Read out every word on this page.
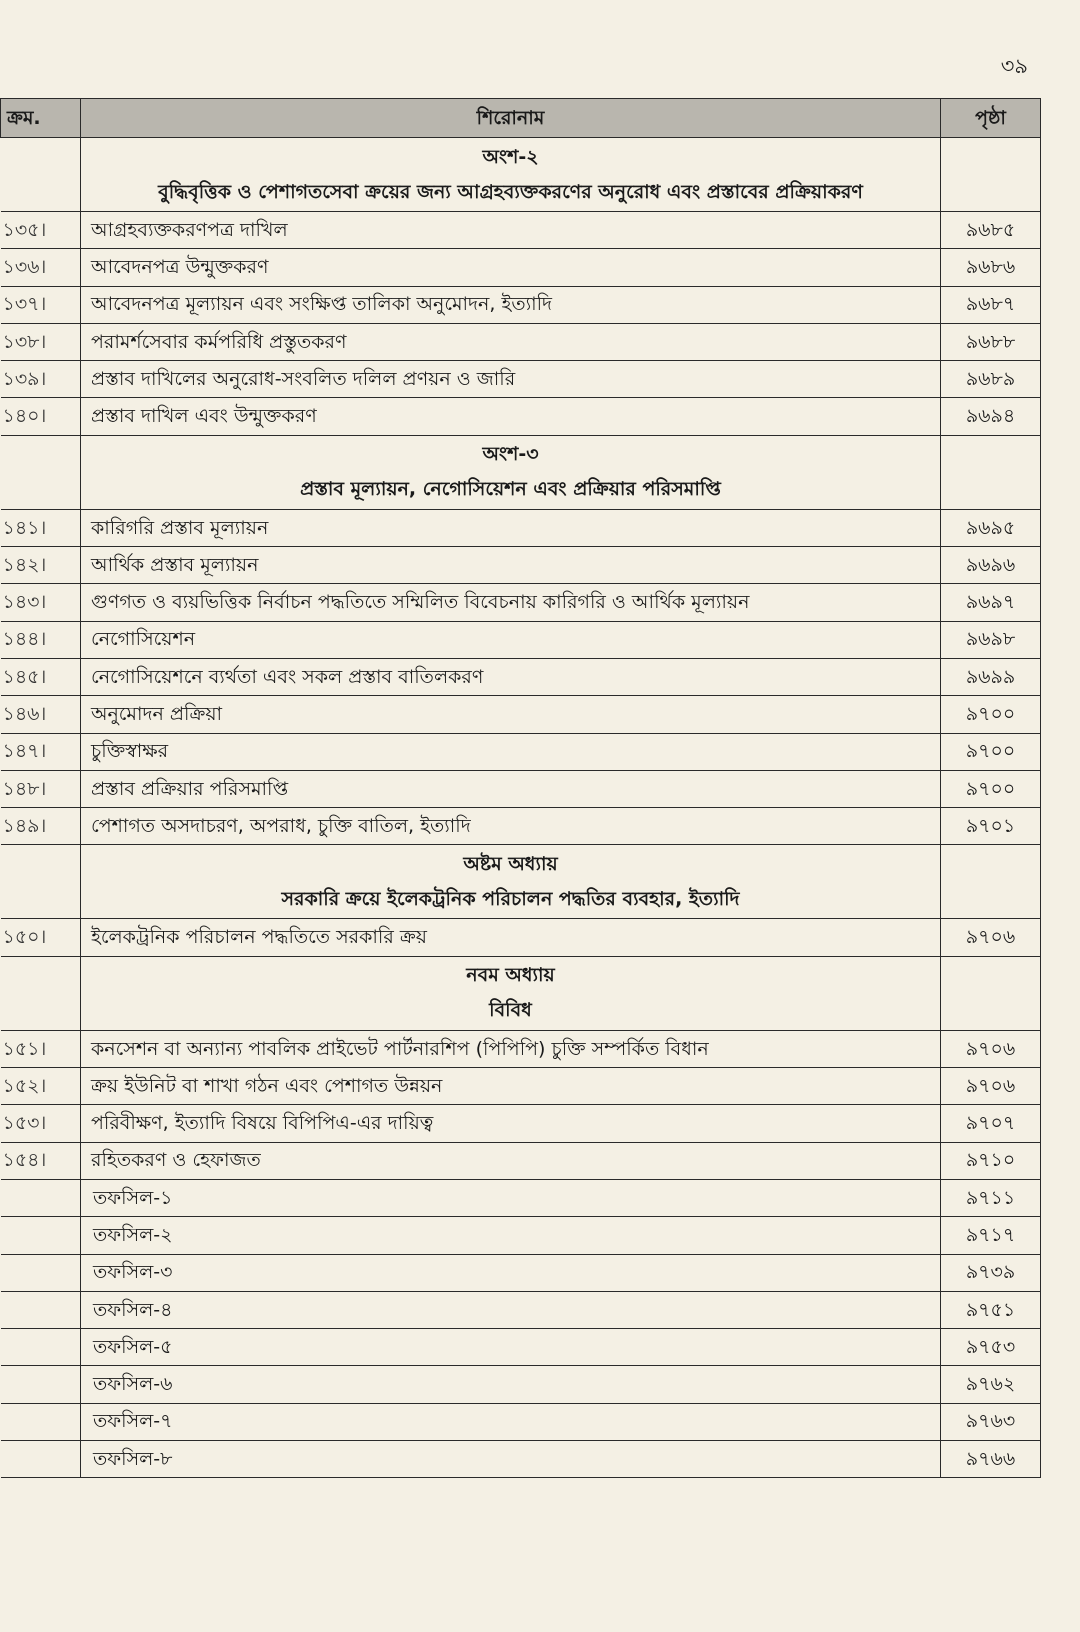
৩৯
ক্রম.	শিরোনাম	পৃষ্ঠা
	অংশ-২	
	বুদ্ধিবৃত্তিক ও পেশাগতসেবা ক্রয়ের জন্য আগ্রহব্যক্তকরণের অনুরোধ এবং প্রস্তাবের প্রক্রিয়াকরণ	
১৩৫।	আগ্রহব্যক্তকরণপত্র দাখিল	৯৬৮৫
১৩৬।	আবেদনপত্র উন্মুক্তকরণ	৯৬৮৬
১৩৭।	আবেদনপত্র মূল্যায়ন এবং সংক্ষিপ্ত তালিকা অনুমোদন, ইত্যাদি	৯৬৮৭
১৩৮।	পরামর্শসেবার কর্মপরিধি প্রস্তুতকরণ	৯৬৮৮
১৩৯।	প্রস্তাব দাখিলের অনুরোধ-সংবলিত দলিল প্রণয়ন ও জারি	৯৬৮৯
১৪০।	প্রস্তাব দাখিল এবং উন্মুক্তকরণ	৯৬৯৪
	অংশ-৩	
	প্রস্তাব মূল্যায়ন, নেগোসিয়েশন এবং প্রক্রিয়ার পরিসমাপ্তি	
১৪১।	কারিগরি প্রস্তাব মূল্যায়ন	৯৬৯৫
১৪২।	আর্থিক প্রস্তাব মূল্যায়ন	৯৬৯৬
১৪৩।	গুণগত ও ব্যয়ভিত্তিক নির্বাচন পদ্ধতিতে সম্মিলিত বিবেচনায় কারিগরি ও আর্থিক মূল্যায়ন	৯৬৯৭
১৪৪।	নেগোসিয়েশন	৯৬৯৮
১৪৫।	নেগোসিয়েশনে ব্যর্থতা এবং সকল প্রস্তাব বাতিলকরণ	৯৬৯৯
১৪৬।	অনুমোদন প্রক্রিয়া	৯৭০০
১৪৭।	চুক্তিস্বাক্ষর	৯৭০০
১৪৮।	প্রস্তাব প্রক্রিয়ার পরিসমাপ্তি	৯৭০০
১৪৯।	পেশাগত অসদাচরণ, অপরাধ, চুক্তি বাতিল, ইত্যাদি	৯৭০১
	অষ্টম অধ্যায়	
	সরকারি ক্রয়ে ইলেকট্রনিক পরিচালন পদ্ধতির ব্যবহার, ইত্যাদি	
১৫০।	ইলেকট্রনিক পরিচালন পদ্ধতিতে সরকারি ক্রয়	৯৭০৬
	নবম অধ্যায়	
	বিবিধ	
১৫১।	কনসেশন বা অন্যান্য পাবলিক প্রাইভেট পার্টনারশিপ (পিপিপি) চুক্তি সম্পর্কিত বিধান	৯৭০৬
১৫২।	ক্রয় ইউনিট বা শাখা গঠন এবং পেশাগত উন্নয়ন	৯৭০৬
১৫৩।	পরিবীক্ষণ, ইত্যাদি বিষয়ে বিপিপিএ-এর দায়িত্ব	৯৭০৭
১৫৪।	রহিতকরণ ও হেফাজত	৯৭১০
	তফসিল-১	৯৭১১
	তফসিল-২	৯৭১৭
	তফসিল-৩	৯৭৩৯
	তফসিল-৪	৯৭৫১
	তফসিল-৫	৯৭৫৩
	তফসিল-৬	৯৭৬২
	তফসিল-৭	৯৭৬৩
	তফসিল-৮	৯৭৬৬
